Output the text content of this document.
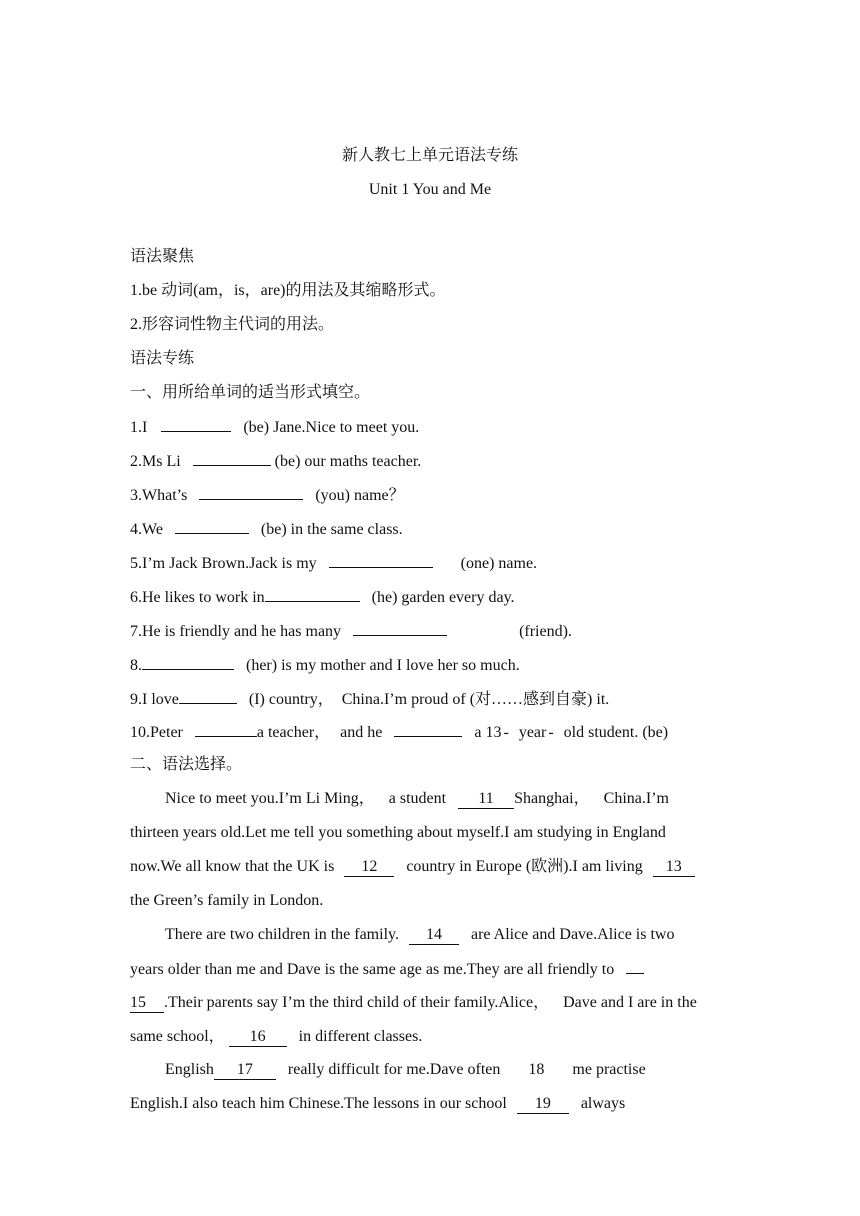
新人教七上单元语法专练
Unit 1 You and Me
语法聚焦
1.be 动词(am，is，are)的用法及其缩略形式。
2.形容词性物主代词的用法。
语法专练
一、用所给单词的适当形式填空。
1.I	(be) Jane.Nice to meet you.
2.Ms Li	(be) our maths teacher.
3.What’s	(you) name？
4.We	(be) in the same class.
5.I’m Jack Brown.Jack is my	(one) name.
6.He likes to work in	(he) garden every day.
7.He is friendly and he has many	(friend).
8.	(her) is my mother and I love her so much.
9.I love	(I) country， China.I’m proud of (对……感到自豪) it.
10.Peter	a teacher， and he	a 13 - year - old student. (be)
二、语法选择。
Nice to meet you.I’m Li Ming， a student 11 Shanghai， China.I’m
thirteen years old.Let me tell you something about myself.I am studying in England
now.We all know that the UK is 12 country in Europe (欧洲).I am living 13
the Green’s family in London.
There are two children in the family. 14 are Alice and Dave.Alice is two
years older than me and Dave is the same age as me.They are all friendly to
15 .Their parents say I’m the third child of their family.Alice， Dave and I are in the
same school， 16 in different classes.
English 17 really difficult for me.Dave often 18 me practise
English.I also teach him Chinese.The lessons in our school 19 always
